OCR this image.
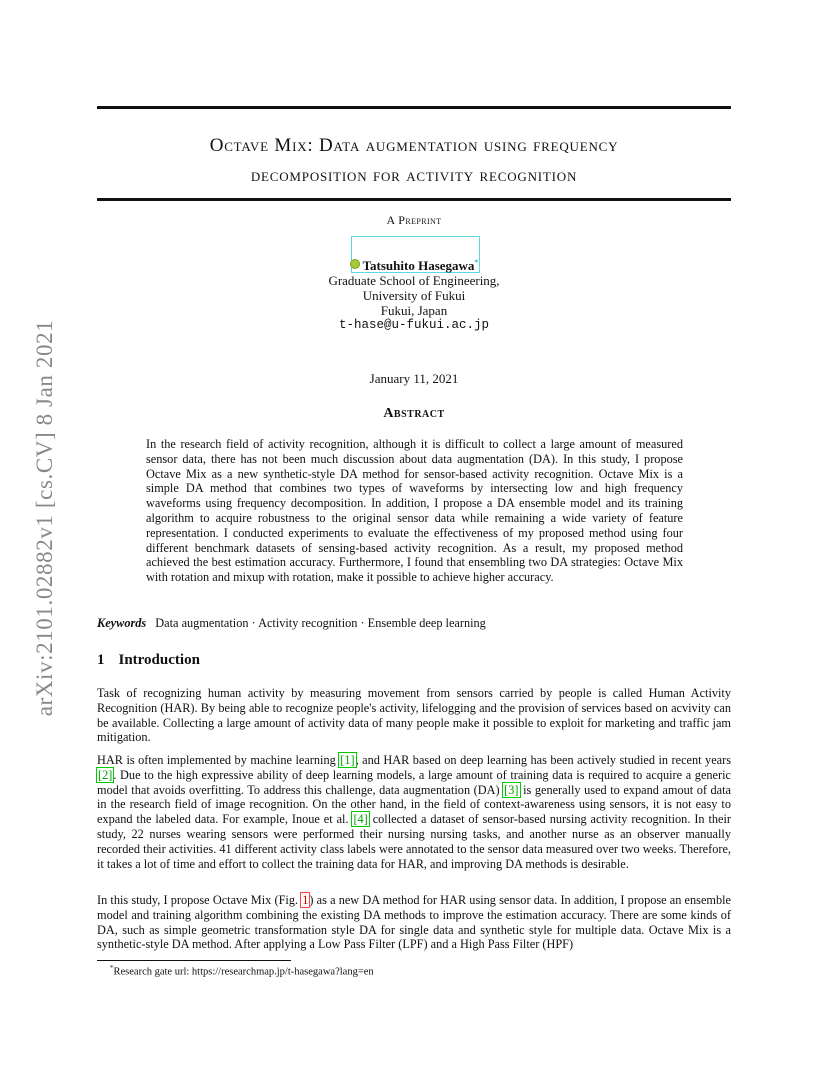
arXiv:2101.02882v1 [cs.CV] 8 Jan 2021
Octave Mix: Data augmentation using frequency
decomposition for activity recognition
A Preprint
Tatsuhito Hasegawa*
Graduate School of Engineering,
University of Fukui
Fukui, Japan
t-hase@u-fukui.ac.jp
January 11, 2021
Abstract
In the research field of activity recognition, although it is difficult to collect a large amount of measured sensor data, there has not been much discussion about data augmentation (DA). In this study, I propose Octave Mix as a new synthetic-style DA method for sensor-based activity recognition. Octave Mix is a simple DA method that combines two types of waveforms by intersecting low and high frequency waveforms using frequency decomposition. In addition, I propose a DA ensemble model and its training algorithm to acquire robustness to the original sensor data while remaining a wide variety of feature representation. I conducted experiments to evaluate the effectiveness of my proposed method using four different benchmark datasets of sensing-based activity recognition. As a result, my proposed method achieved the best estimation accuracy. Furthermore, I found that ensembling two DA strategies: Octave Mix with rotation and mixup with rotation, make it possible to achieve higher accuracy.
Keywords Data augmentation · Activity recognition · Ensemble deep learning
1 Introduction
Task of recognizing human activity by measuring movement from sensors carried by people is called Human Activity Recognition (HAR). By being able to recognize people's activity, lifelogging and the provision of services based on acvivity can be available. Collecting a large amount of activity data of many people make it possible to exploit for marketing and traffic jam mitigation.
HAR is often implemented by machine learning [1], and HAR based on deep learning has been actively studied in recent years [2]. Due to the high expressive ability of deep learning models, a large amount of training data is required to acquire a generic model that avoids overfitting. To address this challenge, data augmentation (DA) [3] is generally used to expand amout of data in the research field of image recognition. On the other hand, in the field of context-awareness using sensors, it is not easy to expand the labeled data. For example, Inoue et al. [4] collected a dataset of sensor-based nursing activity recognition. In their study, 22 nurses wearing sensors were performed their nursing nursing tasks, and another nurse as an observer manually recorded their activities. 41 different activity class labels were annotated to the sensor data measured over two weeks. Therefore, it takes a lot of time and effort to collect the training data for HAR, and improving DA methods is desirable.
In this study, I propose Octave Mix (Fig. 1) as a new DA method for HAR using sensor data. In addition, I propose an ensemble model and training algorithm combining the existing DA methods to improve the estimation accuracy. There are some kinds of DA, such as simple geometric transformation style DA for single data and synthetic style for multiple data. Octave Mix is a synthetic-style DA method. After applying a Low Pass Filter (LPF) and a High Pass Filter (HPF)
*Research gate url: https://researchmap.jp/t-hasegawa?lang=en
